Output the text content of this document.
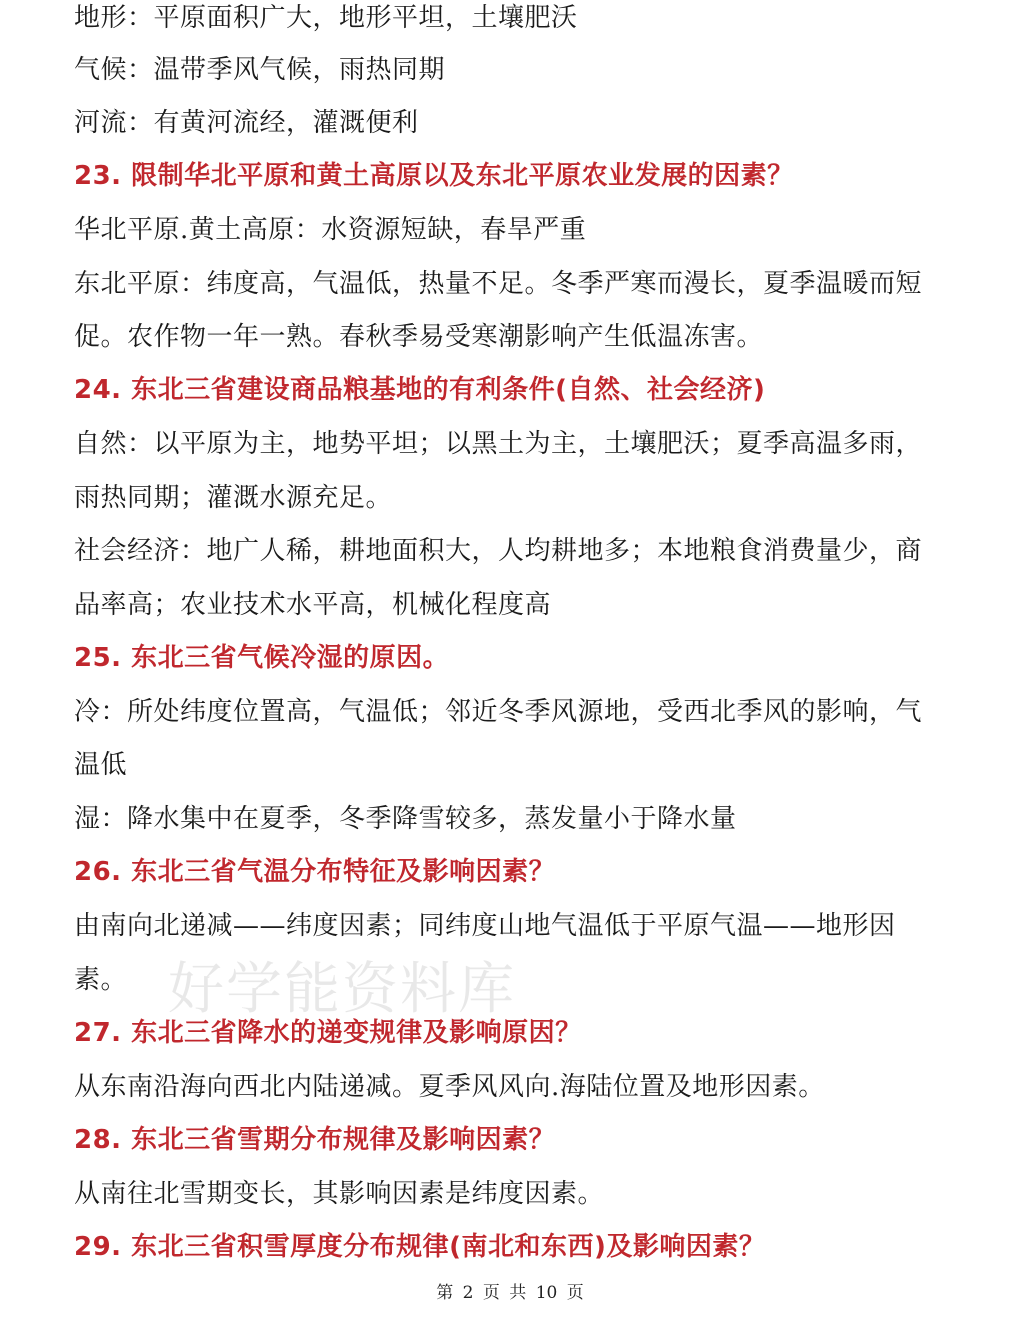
地形：平原面积广大，地形平坦，土壤肥沃
气候：温带季风气候，雨热同期
河流：有黄河流经，灌溉便利
23. 限制华北平原和黄土高原以及东北平原农业发展的因素？
华北平原.黄土高原：水资源短缺，春旱严重
东北平原：纬度高，气温低，热量不足。冬季严寒而漫长，夏季温暖而短
促。农作物一年一熟。春秋季易受寒潮影响产生低温冻害。
24. 东北三省建设商品粮基地的有利条件(自然、社会经济)
自然：以平原为主，地势平坦；以黑土为主，土壤肥沃；夏季高温多雨，
雨热同期；灌溉水源充足。
社会经济：地广人稀，耕地面积大，人均耕地多；本地粮食消费量少，商
品率高；农业技术水平高，机械化程度高
25. 东北三省气候冷湿的原因。
冷：所处纬度位置高，气温低；邻近冬季风源地，受西北季风的影响，气
温低
湿：降水集中在夏季，冬季降雪较多，蒸发量小于降水量
26. 东北三省气温分布特征及影响因素？
由南向北递减——纬度因素；同纬度山地气温低于平原气温——地形因
素。
27. 东北三省降水的递变规律及影响原因？
从东南沿海向西北内陆递减。夏季风风向.海陆位置及地形因素。
28. 东北三省雪期分布规律及影响因素？
从南往北雪期变长，其影响因素是纬度因素。
29. 东北三省积雪厚度分布规律(南北和东西)及影响因素？
好学能资料库
第 2 页 共 10 页
